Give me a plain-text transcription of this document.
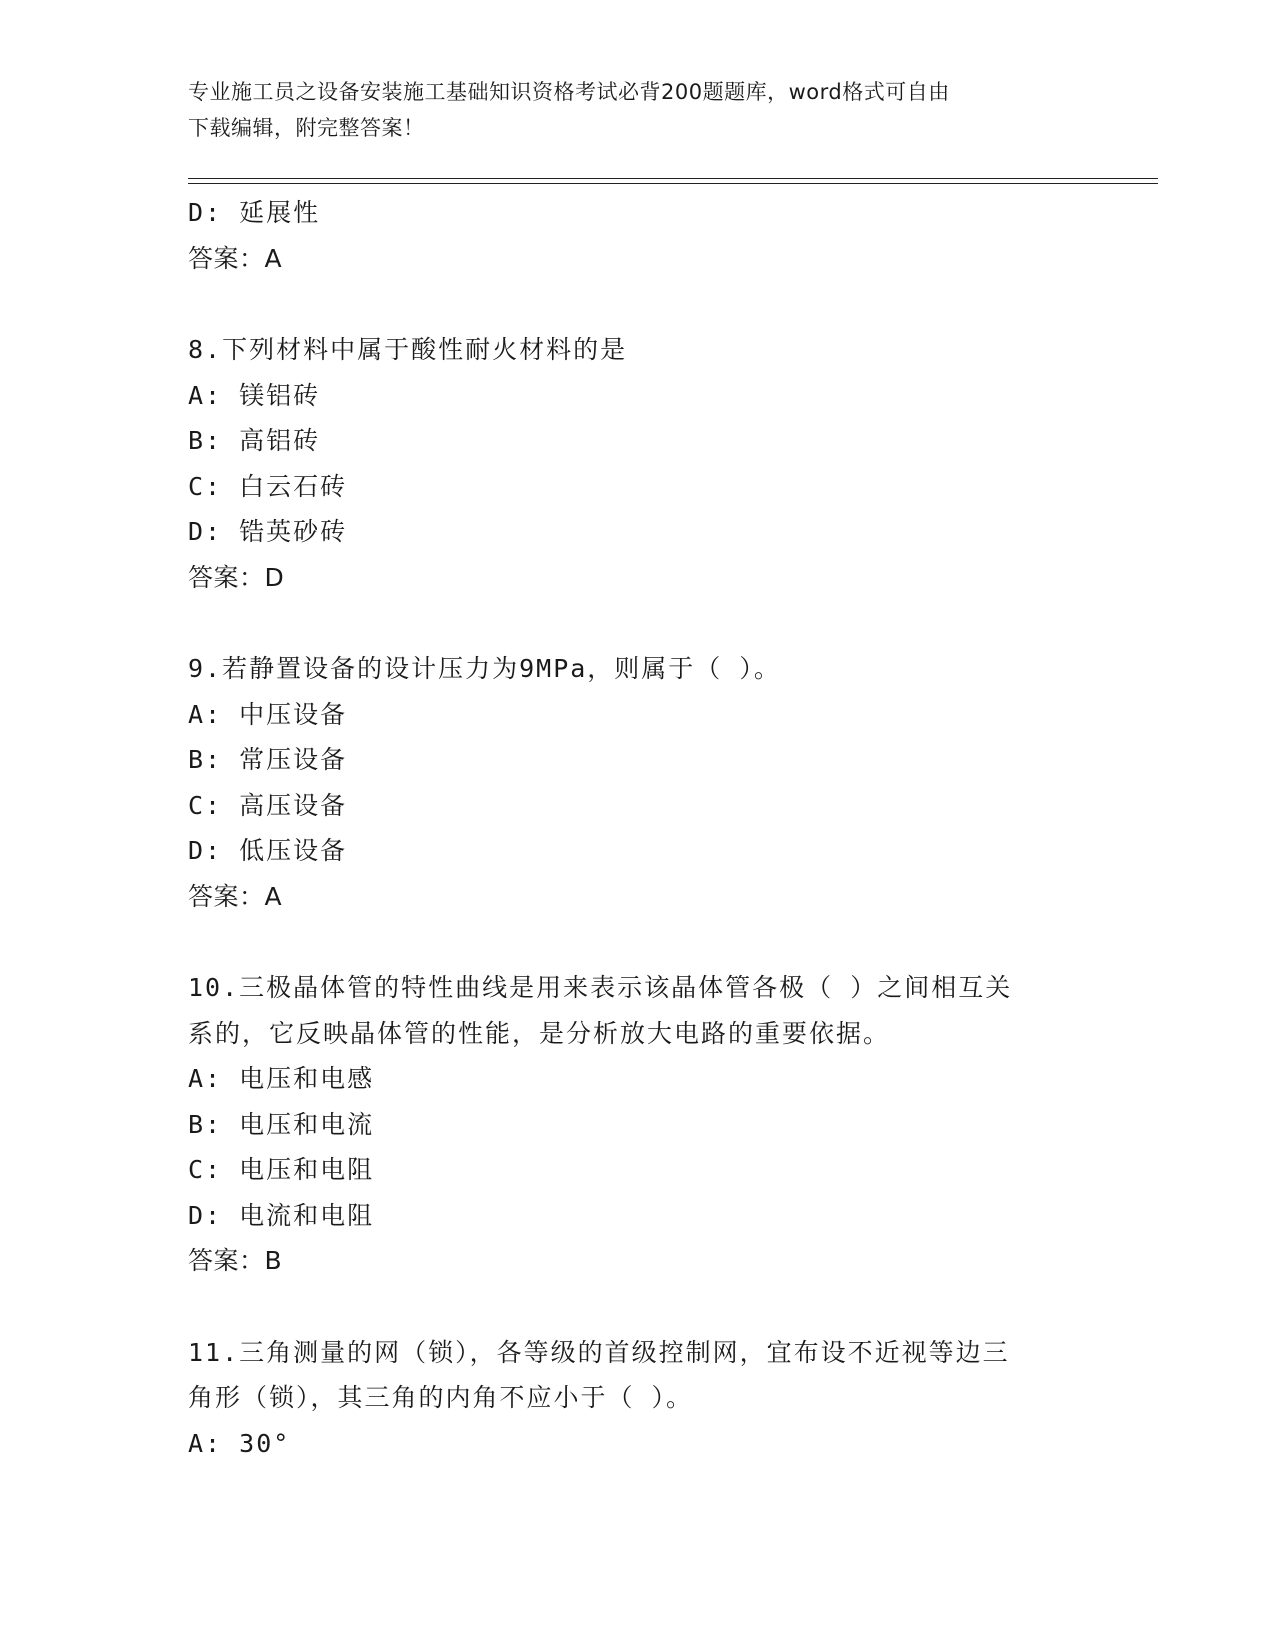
专业施工员之设备安装施工基础知识资格考试必背200题题库，word格式可自由
下载编辑，附完整答案！
D: 延展性
答案：A
8.下列材料中属于酸性耐火材料的是
A: 镁铝砖
B: 高铝砖
C: 白云石砖
D: 锆英砂砖
答案：D
9.若静置设备的设计压力为9MPa，则属于（ ）。
A: 中压设备
B: 常压设备
C: 高压设备
D: 低压设备
答案：A
10.三极晶体管的特性曲线是用来表示该晶体管各极（ ）之间相互关
系的，它反映晶体管的性能，是分析放大电路的重要依据。
A: 电压和电感
B: 电压和电流
C: 电压和电阻
D: 电流和电阻
答案：B
11.三角测量的网（锁），各等级的首级控制网，宜布设不近视等边三
角形（锁），其三角的内角不应小于（ ）。
A: 30°
